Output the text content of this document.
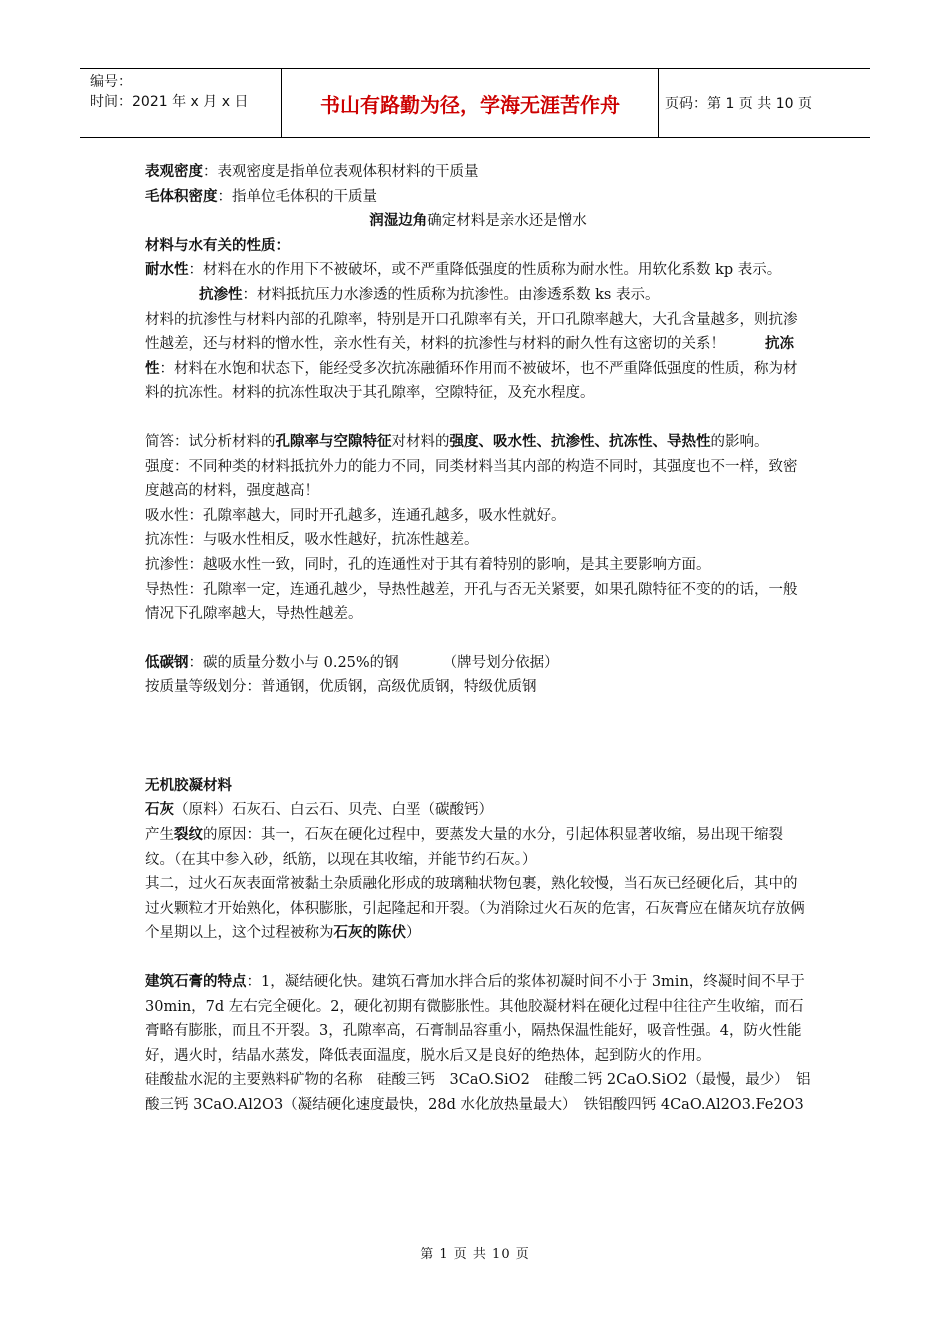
编号：
时间：2021 年 x 月 x 日	书山有路勤为径，学海无涯苦作舟	页码：第 1 页 共 10 页

表观密度：表观密度是指单位表观体积材料的干质量

毛体积密度：指单位毛体积的干质量

润湿边角确定材料是亲水还是憎水

材料与水有关的性质：

耐水性：材料在水的作用下不被破坏，或不严重降低强度的性质称为耐水性。用软化系数 kp 表示。抗渗性：材料抵抗压力水渗透的性质称为抗渗性。由渗透系数 ks 表示。

材料的抗渗性与材料内部的孔隙率，特别是开口孔隙率有关，开口孔隙率越大，大孔含量越多，则抗渗性越差，还与材料的憎水性，亲水性有关，材料的抗渗性与材料的耐久性有这密切的关系！	抗冻性：材料在水饱和状态下，能经受多次抗冻融循环作用而不被破坏，也不严重降低强度的性质，称为材料的抗冻性。材料的抗冻性取决于其孔隙率，空隙特征，及充水程度。

简答：试分析材料的孔隙率与空隙特征对材料的强度、吸水性、抗渗性、抗冻性、导热性的影响。

强度：不同种类的材料抵抗外力的能力不同，同类材料当其内部的构造不同时，其强度也不一样，致密度越高的材料，强度越高！

吸水性：孔隙率越大，同时开孔越多，连通孔越多，吸水性就好。

抗冻性：与吸水性相反，吸水性越好，抗冻性越差。

抗渗性：越吸水性一致，同时，孔的连通性对于其有着特别的影响，是其主要影响方面。

导热性：孔隙率一定，连通孔越少，导热性越差，开孔与否无关紧要，如果孔隙特征不变的的话，一般情况下孔隙率越大，导热性越差。

低碳钢：碳的质量分数小与 0.25%的钢	（牌号划分依据）

按质量等级划分：普通钢，优质钢，高级优质钢，特级优质钢

无机胶凝材料

石灰（原料）石灰石、白云石、贝壳、白垩（碳酸钙）

产生裂纹的原因：其一，石灰在硬化过程中，要蒸发大量的水分，引起体积显著收缩，易出现干缩裂纹。（在其中参入砂，纸筋，以现在其收缩，并能节约石灰。）

其二，过火石灰表面常被黏土杂质融化形成的玻璃釉状物包裹，熟化较慢，当石灰已经硬化后，其中的过火颗粒才开始熟化，体积膨胀，引起隆起和开裂。（为消除过火石灰的危害，石灰膏应在储灰坑存放俩个星期以上，这个过程被称为石灰的陈伏）

建筑石膏的特点：1，凝结硬化快。建筑石膏加水拌合后的浆体初凝时间不小于 3min，终凝时间不早于 30min，7d 左右完全硬化。2，硬化初期有微膨胀性。其他胶凝材料在硬化过程中往往产生收缩，而石膏略有膨胀，而且不开裂。3，孔隙率高，石膏制品容重小，隔热保温性能好，吸音性强。4，防火性能好，遇火时，结晶水蒸发，降低表面温度，脱水后又是良好的绝热体，起到防火的作用。

硅酸盐水泥的主要熟料矿物的名称　硅酸三钙　3CaO.SiO2　硅酸二钙 2CaO.SiO2（最慢，最少）　铝酸三钙 3CaO.Al2O3（凝结硬化速度最快，28d 水化放热量最大）　铁铝酸四钙 4CaO.Al2O3.Fe2O3

第 1 页 共 10 页
